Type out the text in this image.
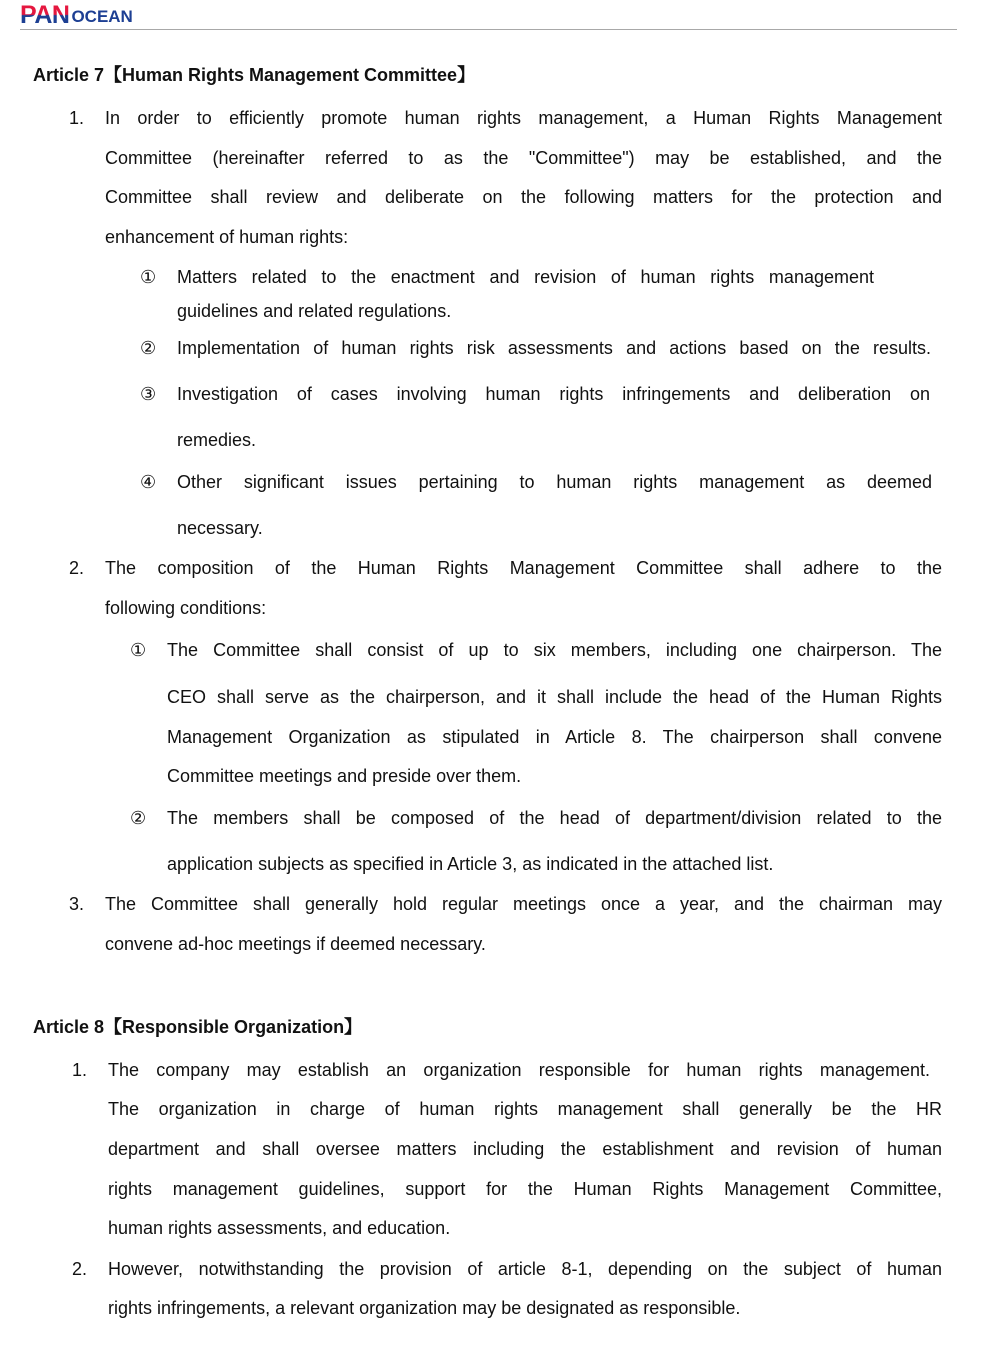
PAN OCEAN
Article 7【Human Rights Management Committee】
1. In order to efficiently promote human rights management, a Human Rights Management
Committee (hereinafter referred to as the "Committee") may be established, and the
Committee shall review and deliberate on the following matters for the protection and
enhancement of human rights:
① Matters related to the enactment and revision of human rights management
guidelines and related regulations.
② Implementation of human rights risk assessments and actions based on the results.
③ Investigation of cases involving human rights infringements and deliberation on
remedies.
④ Other significant issues pertaining to human rights management as deemed
necessary.
2. The composition of the Human Rights Management Committee shall adhere to the
following conditions:
① The Committee shall consist of up to six members, including one chairperson. The
CEO shall serve as the chairperson, and it shall include the head of the Human Rights
Management Organization as stipulated in Article 8. The chairperson shall convene
Committee meetings and preside over them.
② The members shall be composed of the head of department/division related to the
application subjects as specified in Article 3, as indicated in the attached list.
3. The Committee shall generally hold regular meetings once a year, and the chairman may
convene ad-hoc meetings if deemed necessary.
Article 8【Responsible Organization】
1. The company may establish an organization responsible for human rights management.
The organization in charge of human rights management shall generally be the HR
department and shall oversee matters including the establishment and revision of human
rights management guidelines, support for the Human Rights Management Committee,
human rights assessments, and education.
2. However, notwithstanding the provision of article 8-1, depending on the subject of human
rights infringements, a relevant organization may be designated as responsible.
